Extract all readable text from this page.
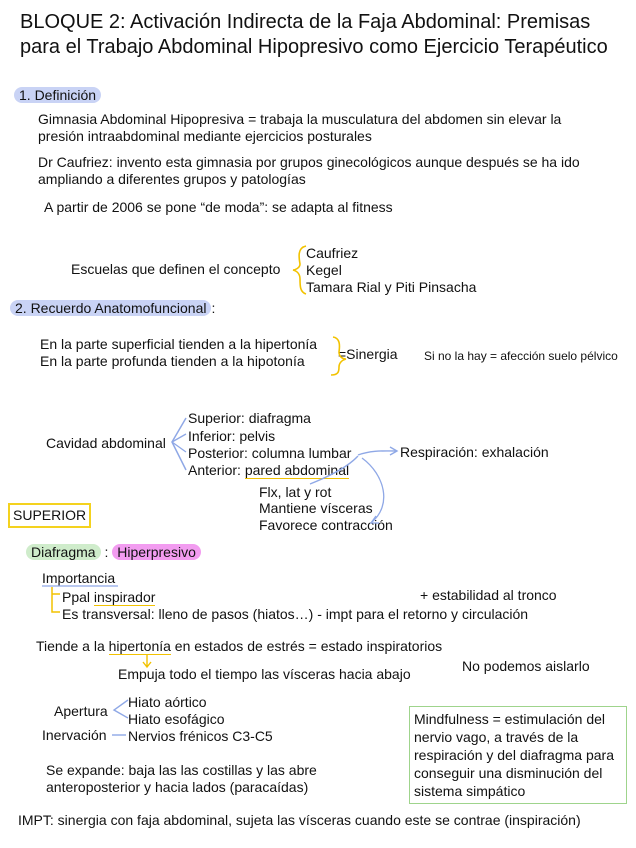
BLOQUE 2: Activación Indirecta de la Faja Abdominal: Premisas
para el Trabajo Abdominal Hipopresivo como Ejercicio Terapéutico
1. Definición
Gimnasia Abdominal Hipopresiva = trabaja la musculatura del abdomen sin elevar la
presión intraabdominal mediante ejercicios posturales
Dr Caufriez: invento esta gimnasia por grupos ginecológicos aunque después se ha ido
ampliando a diferentes grupos y patologías
A partir de 2006 se pone “de moda”: se adapta al fitness
Escuelas que definen el concepto
Caufriez
Kegel
Tamara Rial y Piti Pinsacha
2. Recuerdo Anatomofuncional :
En la parte superficial tienden a la hipertonía
En la parte profunda tienden a la hipotonía =Sinergia Si no la hay = afección suelo pélvico
Cavidad abdominal
Superior: diafragma
Inferior: pelvis
Posterior: columna lumbar
Anterior: pared abdominal
Respiración: exhalación
Flx, lat y rot
Mantiene vísceras
Favorece contracción
SUPERIOR
Diafragma : Hiperpresivo
Importancia
Ppal inspirador	+ estabilidad al tronco
Es transversal: lleno de pasos (hiatos…) - impt para el retorno y circulación
Tiende a la hipertonía en estados de estrés = estado inspiratorios
Empuja todo el tiempo las vísceras hacia abajo	No podemos aislarlo
Apertura
Inervación
Hiato aórtico
Hiato esofágico
Nervios frénicos C3-C5
Mindfulness = estimulación del
nervio vago, a través de la
respiración y del diafragma para
conseguir una disminución del
sistema simpático
Se expande: baja las las costillas y las abre
anteroposterior y hacia lados (paracaídas)
IMPT: sinergia con faja abdominal, sujeta las vísceras cuando este se contrae (inspiración)
